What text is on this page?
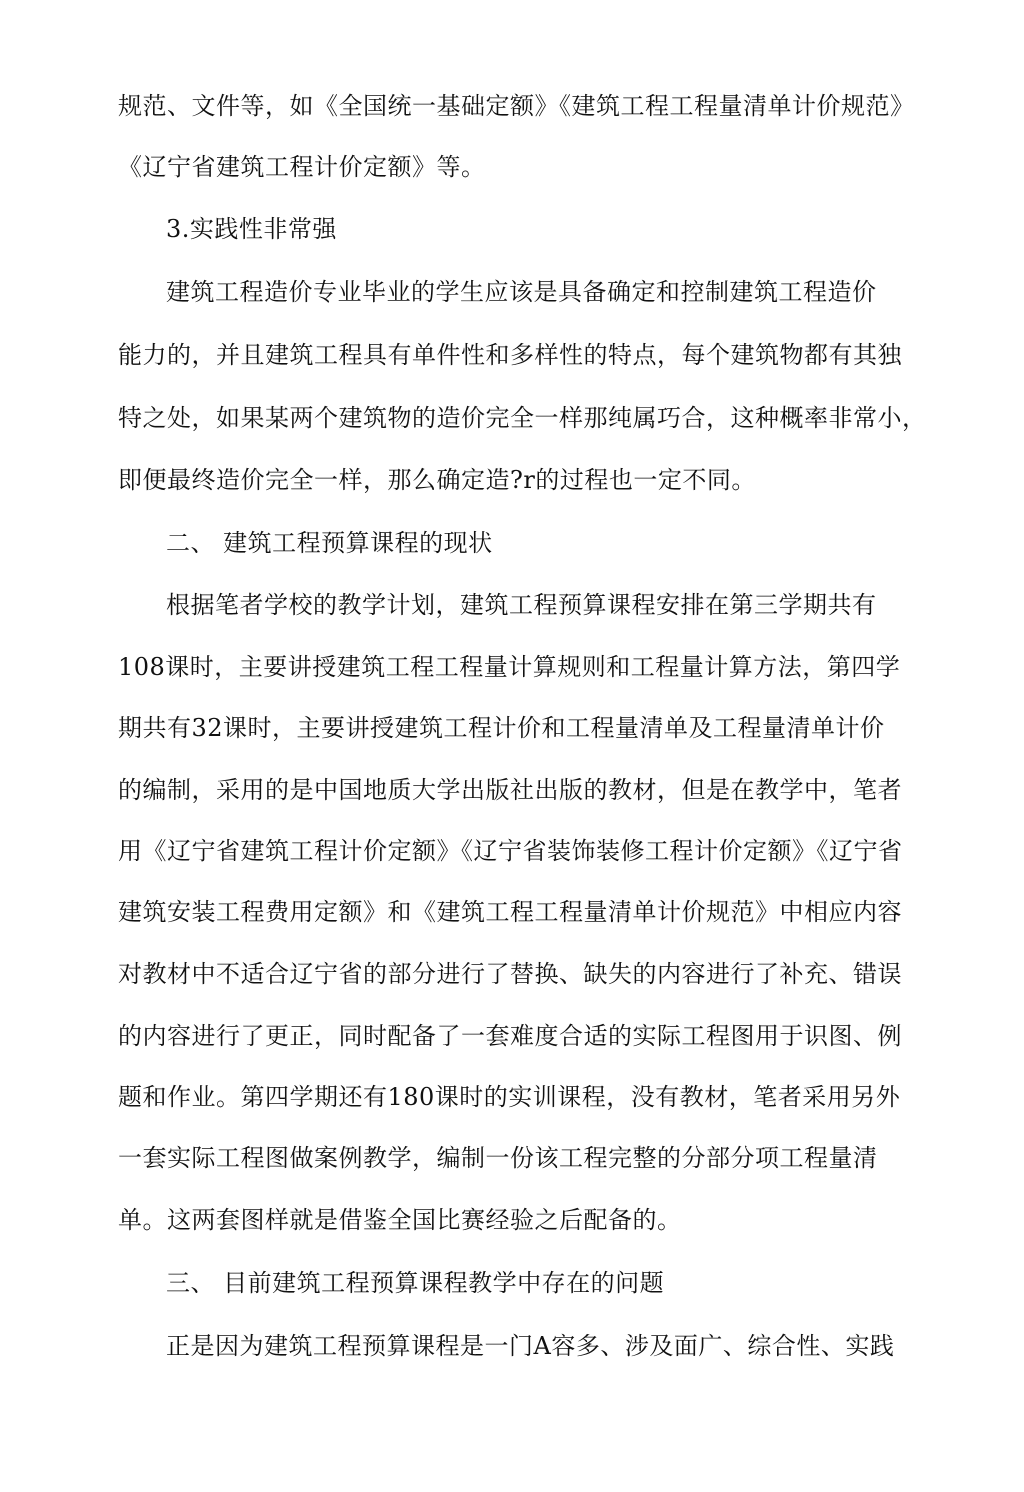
规范、文件等，如《全国统一基础定额》《建筑工程工程量清单计价规范》
《辽宁省建筑工程计价定额》等。
3.实践性非常强
建筑工程造价专业毕业的学生应该是具备确定和控制建筑工程造价
能力的，并且建筑工程具有单件性和多样性的特点，每个建筑物都有其独
特之处，如果某两个建筑物的造价完全一样那纯属巧合，这种概率非常小，
即便最终造价完全一样，那么确定造?r的过程也一定不同。
二、 建筑工程预算课程的现状
根据笔者学校的教学计划，建筑工程预算课程安排在第三学期共有
108课时，主要讲授建筑工程工程量计算规则和工程量计算方法，第四学
期共有32课时，主要讲授建筑工程计价和工程量清单及工程量清单计价
的编制，采用的是中国地质大学出版社出版的教材，但是在教学中，笔者
用《辽宁省建筑工程计价定额》《辽宁省装饰装修工程计价定额》《辽宁省
建筑安装工程费用定额》和《建筑工程工程量清单计价规范》中相应内容
对教材中不适合辽宁省的部分进行了替换、缺失的内容进行了补充、错误
的内容进行了更正，同时配备了一套难度合适的实际工程图用于识图、例
题和作业。第四学期还有180课时的实训课程，没有教材，笔者采用另外
一套实际工程图做案例教学，编制一份该工程完整的分部分项工程量清
单。这两套图样就是借鉴全国比赛经验之后配备的。
三、 目前建筑工程预算课程教学中存在的问题
正是因为建筑工程预算课程是一门A容多、涉及面广、综合性、实践
